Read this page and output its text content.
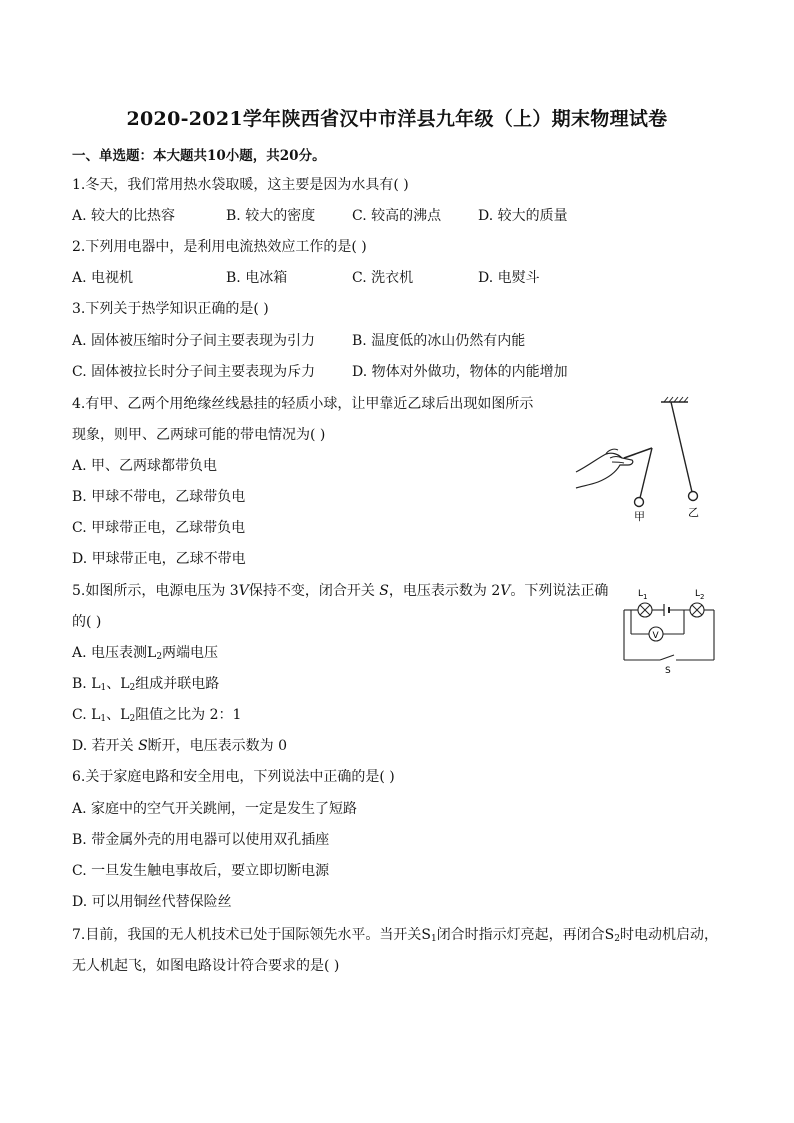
2020-2021学年陕西省汉中市洋县九年级（上）期末物理试卷
一、单选题：本大题共10小题，共20分。
1.冬天，我们常用热水袋取暖，这主要是因为水具有( )
A. 较大的比热容	B. 较大的密度	C. 较高的沸点	D. 较大的质量
2.下列用电器中，是利用电流热效应工作的是( )
A. 电视机	B. 电冰箱	C. 洗衣机	D. 电熨斗
3.下列关于热学知识正确的是( )
A. 固体被压缩时分子间主要表现为引力	B. 温度低的冰山仍然有内能
C. 固体被拉长时分子间主要表现为斥力	D. 物体对外做功，物体的内能增加
4.有甲、乙两个用绝缘丝线悬挂的轻质小球，让甲靠近乙球后出现如图所示
现象，则甲、乙两球可能的带电情况为( )
A. 甲、乙两球都带负电
B. 甲球不带电，乙球带负电
C. 甲球带正电，乙球带负电
D. 甲球带正电，乙球不带电
甲	乙
5.如图所示，电源电压为 3V保持不变，闭合开关 S，电压表示数为 2V。下列说法正确
的( )
A. 电压表测$L_2$两端电压
B. $L_1$、$L_2$组成并联电路
C. $L_1$、$L_2$阻值之比为 2：1
D. 若开关 S断开，电压表示数为 0
V
$L_1$	$L_2$
S
6.关于家庭电路和安全用电，下列说法中正确的是( )
A. 家庭中的空气开关跳闸，一定是发生了短路
B. 带金属外壳的用电器可以使用双孔插座
C. 一旦发生触电事故后，要立即切断电源
D. 可以用铜丝代替保险丝
7.目前，我国的无人机技术已处于国际领先水平。当开关$S_1$闭合时指示灯亮起，再闭合$S_2$时电动机启动，
无人机起飞，如图电路设计符合要求的是( )
